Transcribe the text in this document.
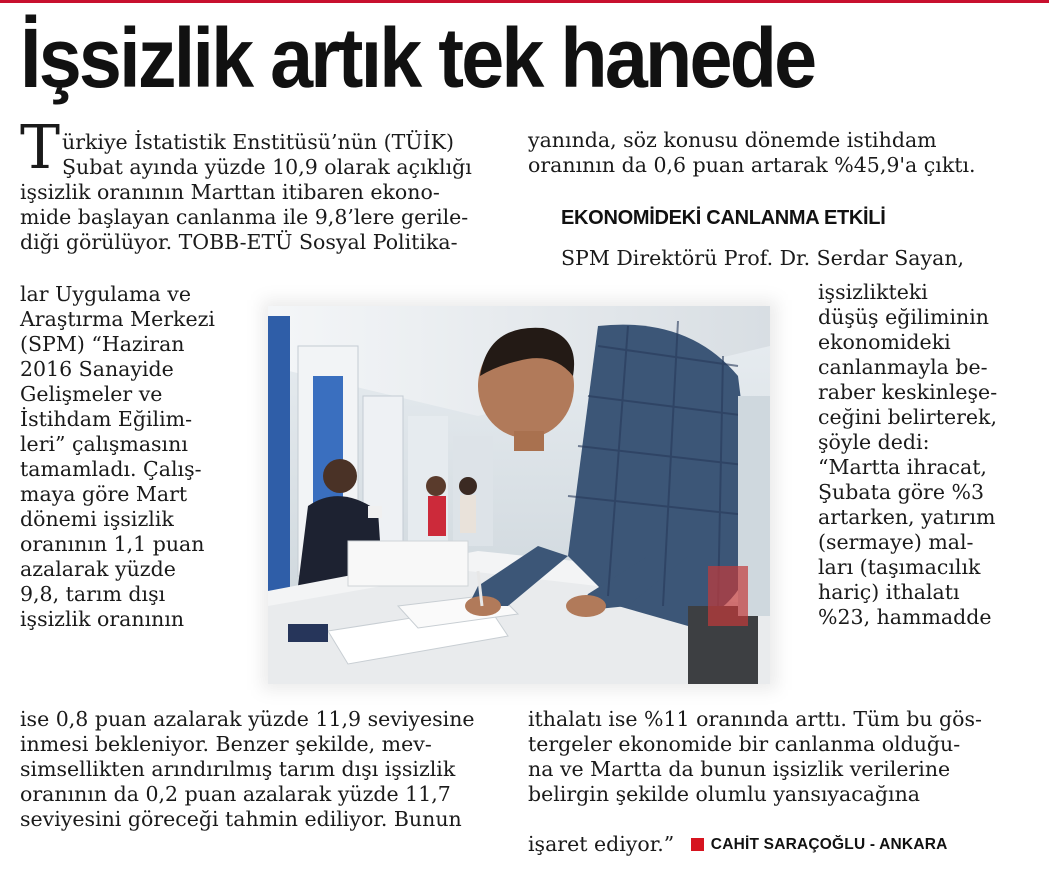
İşsizlik artık tek hanede
T ürkiye İstatistik Enstitüsü’nün (TÜİK)
Şubat ayında yüzde 10,9 olarak açıklığı
işsizlik oranının Marttan itibaren ekono-
mide başlayan canlanma ile 9,8’lere gerile-
diği görülüyor. TOBB-ETÜ Sosyal Politika-
lar Uygulama ve
Araştırma Merkezi
(SPM) “Haziran
2016 Sanayide
Gelişmeler ve
İstihdam Eğilim-
leri” çalışmasını
tamamladı. Çalış-
maya göre Mart
dönemi işsizlik
oranının 1,1 puan
azalarak yüzde
9,8, tarım dışı
işsizlik oranının
ise 0,8 puan azalarak yüzde 11,9 seviyesine
inmesi bekleniyor. Benzer şekilde, mev-
simsellikten arındırılmış tarım dışı işsizlik
oranının da 0,2 puan azalarak yüzde 11,7
seviyesini göreceği tahmin ediliyor. Bunun
yanında, söz konusu dönemde istihdam
oranının da 0,6 puan artarak %45,9'a çıktı.
EKONOMİDEKİ CANLANMA ETKİLİ
SPM Direktörü Prof. Dr. Serdar Sayan,
işsizlikteki
düşüş eğiliminin
ekonomideki
canlanmayla be-
raber keskinleşe-
ceğini belirterek,
şöyle dedi:
“Martta ihracat,
Şubata göre %3
artarken, yatırım
(sermaye) mal-
ları (taşımacılık
hariç) ithalatı
%23, hammadde
ithalatı ise %11 oranında arttı. Tüm bu gös-
tergeler ekonomide bir canlanma olduğu-
na ve Martta da bunun işsizlik verilerine
belirgin şekilde olumlu yansıyacağına
işaret ediyor.” CAHİT SARAÇOĞLU - ANKARA
